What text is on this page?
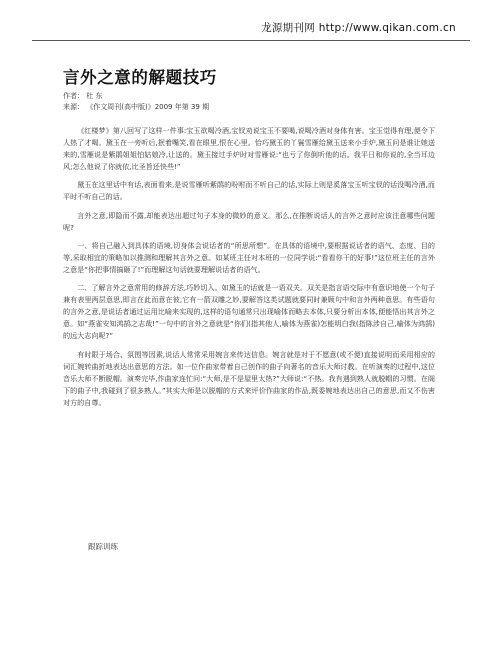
龙源期刊网 http://www.qikan.com.cn
言外之意的解题技巧
作者： 杜 东
来源： 《作文周刊(高中版)》2009 年第 39 期

《红楼梦》第八回写了这样一件事:宝玉欲喝冷酒,宝钗劝说宝玉不要喝,说喝冷酒对身体有害。宝玉觉得有理,便令下人热了才喝。黛玉在一旁听后,抿着嘴笑,看在眼里,恨在心里。恰巧黛玉的丫鬟雪雁给黛玉送来小手炉,黛玉问是谁让她送来的,雪雁说是紫鹃姐姐怕姑娘冷,让送的。黛玉接过手炉时对雪雁说:“也亏了你倒听他的话。我平日和你说的,全当耳边风;怎么他说了你就依,比圣旨还快些!”

黛玉在这里话中有话,表面看来,是说雪雁听紫鹃的吩咐而不听自己的话,实际上则是奚落宝玉听宝钗的话没喝冷酒,而平时不听自己的话。

言外之意,即隐而不露,却能表达出超过句子本身的微妙的意义。那么,在推断说话人的言外之意时应该注意哪些问题呢?

一、将自己融入到具体的语境,切身体会说话者的“所思所想”。在具体的语境中,要根据说话者的语气、态度、目的等,采取相宜的策略加以推测和理解其言外之意。如某班主任对本班的一位同学说:“看看你干的好事!”这位班主任的言外之意是“你把事情搞砸了!”而理解这句话就要理解说话者的语气。

二、了解言外之意常用的修辞方法,巧妙切入。如黛玉的话就是一语双关。双关是指言语交际中有意识地使一个句子兼有表里两层意思,即言在此而意在彼,它有一箭双雕之妙,要解答这类试题就要同时兼顾句中和言外两种意思。有些语句的言外之意,是说话者通过运用比喻来实现的,这样的语句通常只出现喻体而略去本体,只要分析出本体,便能悟出其言外之意。如“燕雀安知鸿鹄之志哉!”一句中的言外之意就是“你们(指其他人,喻体为燕雀)怎能明白我(指陈涉自己,喻体为鸿鹄)的远大志向呢?”

有时限于场合、氛围等因素,说话人常常采用婉言来传达信息。婉言就是对于不愿意(或不便)直接说明而采用相应的词汇婉转曲折地表达出意思的方法。如一位作曲家带着自己创作的曲子向著名的音乐大师讨教。在听演奏的过程中,这位音乐大师不断脱帽。演奏完毕,作曲家连忙问:“大师,是不是屋里太热?”大师说:“不热。我有遇到熟人就脱帽的习惯。在阁下的曲子中,我碰到了很多熟人。”其实大师是以脱帽的方式来评价作曲家的作品,既委婉地表达出自己的意思,而又不伤害对方的自尊。

跟踪训练
